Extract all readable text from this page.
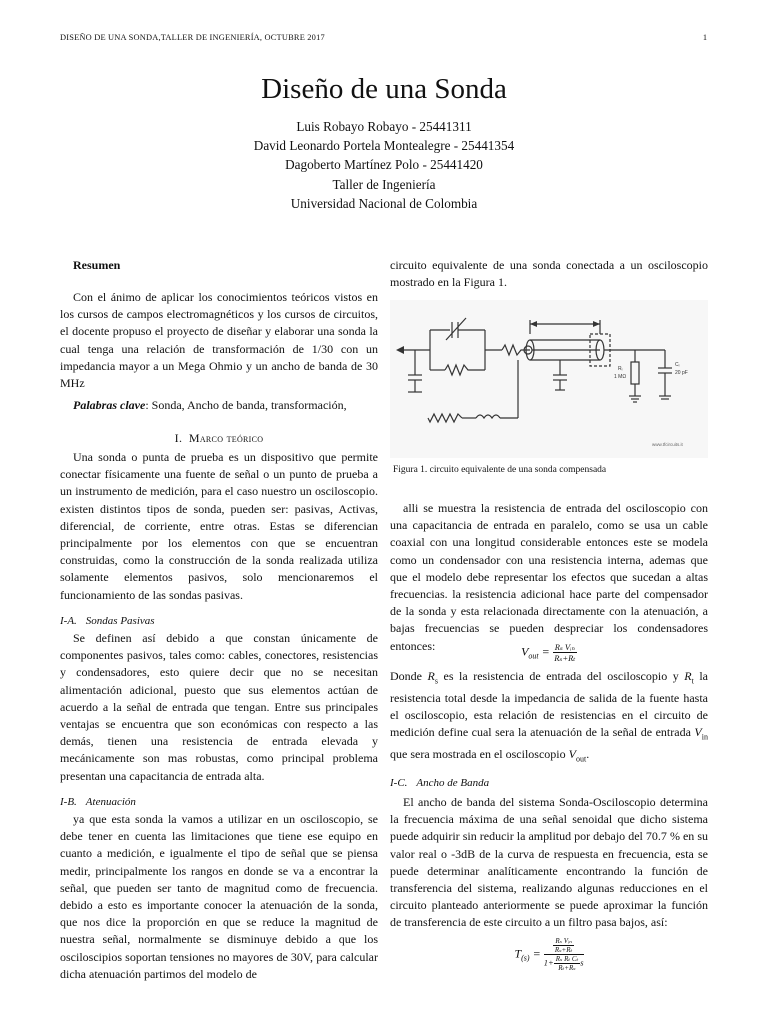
DISEÑO DE UNA SONDA,TALLER DE INGENIERÍA, OCTUBRE 2017	1
Diseño de una Sonda
Luis Robayo Robayo - 25441311
David Leonardo Portela Montealegre - 25441354
Dagoberto Martínez Polo - 25441420
Taller de Ingeniería
Universidad Nacional de Colombia

Resumen

Con el ánimo de aplicar los conocimientos teóricos vistos en los cursos de campos electromagnéticos y los cursos de circuitos, el docente propuso el proyecto de diseñar y elaborar una sonda la cual tenga una relación de transformación de 1/30 con un impedancia mayor a un Mega Ohmio y un ancho de banda de 30 MHz

Palabras clave: Sonda, Ancho de banda, transformación,

I. Marco teórico

Una sonda o punta de prueba es un dispositivo que permite conectar físicamente una fuente de señal o un punto de prueba a un instrumento de medición, para el caso nuestro un osciloscopio. existen distintos tipos de sonda, pueden ser: pasivas, Activas, diferencial, de corriente, entre otras. Estas se diferencian principalmente por los elementos con que se encuentran construidas, como la construcción de la sonda realizada utiliza solamente elementos pasivos, solo mencionaremos el funcionamiento de las sondas pasivas.

I-A. Sondas Pasivas

Se definen así debido a que constan únicamente de componentes pasivos, tales como: cables, conectores, resistencias y condensadores, esto quiere decir que no se necesitan alimentación adicional, puesto que sus elementos actúan de acuerdo a la señal de entrada que tengan. Entre sus principales ventajas se encuentra que son económicas con respecto a las demás, tienen una resistencia de entrada elevada y mecánicamente son mas robustas, como principal problema presentan una capacitancia de entrada alta.

I-B. Atenuación

ya que esta sonda la vamos a utilizar en un osciloscopio, se debe tener en cuenta las limitaciones que tiene ese equipo en cuanto a medición, e igualmente el tipo de señal que se piensa medir, principalmente los rangos en donde se va a encontrar la señal, que pueden ser tanto de magnitud como de frecuencia. debido a esto es importante conocer la atenuación de la sonda, que nos dice la proporción en que se reduce la magnitud de nuestra señal, normalmente se disminuye debido a que los osciloscipios soportan tensiones no mayores de 30V, para calcular dicha atenuación partimos del modelo de

circuito equivalente de una sonda conectada a un osciloscopio mostrado en la Figura 1.

Rᵢ
1 MΩ
Cᵢ
20 pF
www.tfcircuits.it
Figura 1. circuito equivalente de una sonda compensada

alli se muestra la resistencia de entrada del osciloscopio con una capacitancia de entrada en paralelo, como se usa un cable coaxial con una longitud considerable entonces este se modela como un condensador con una resistencia interna, ademas que que el modelo debe representar los efectos que sucedan a altas frecuencias. la resistencia adicional hace parte del compensador de la sonda y esta relacionada directamente con la atenuación, a bajas frecuencias se pueden despreciar los condensadores entonces:	$V_{out} = \frac{\text{Rₛ Vᵢₙ}}{\text{Rₛ+Rₜ}}$

Donde $R_s$ es la resistencia de entrada del osciloscopio y $R_t$ la resistencia total desde la impedancia de salida de la fuente hasta el osciloscopio, esta relación de resistencias en el circuito de medición define cual sera la atenuación de la señal de entrada $V_{in}$ que sera mostrada en el osciloscopio $V_{out}$.

I-C. Ancho de Banda

El ancho de banda del sistema Sonda-Osciloscopio determina la frecuencia máxima de una señal senoidal que dicho sistema puede adquirir sin reducir la amplitud por debajo del 70.7 % en su valor real o -3dB de la curva de respuesta en frecuencia, esta se puede determinar analíticamente encontrando la función de transferencia del sistema, realizando algunas reducciones en el circuito planteado anteriormente se puede aproximar la función de transferencia de este circuito a un filtro pasa bajos, así:

$T_{(s)} = \frac{\frac{\text{Rₛ Vᵢₙ}}{\text{Rₛ+Rₜ}}}{1+ \frac{\text{Rₛ Rₜ Cₜ}}{\text{Rₜ+Rₛ}} s}$
